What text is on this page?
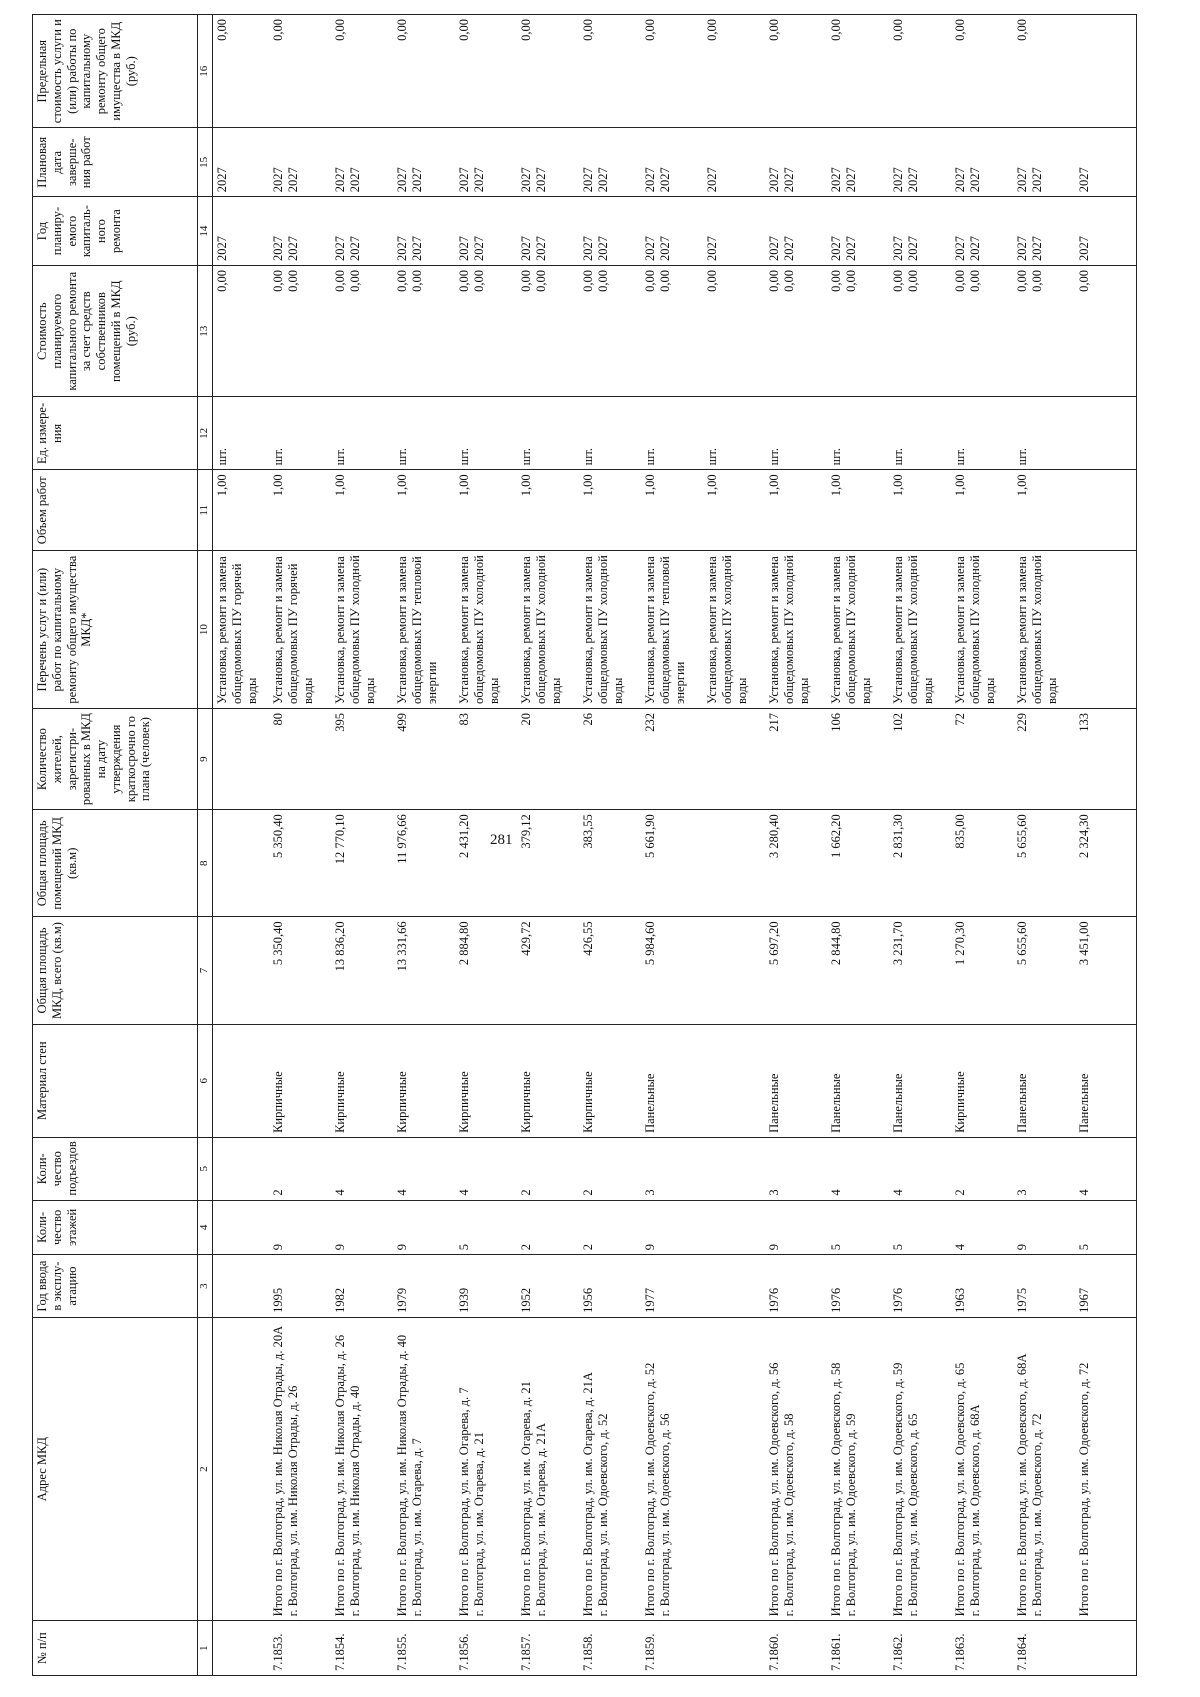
281
№ п/п	Адрес МКД	Год ввода в эксплу-атацию	Коли-чество этажей	Коли-чество подъездов	Материал стен	Общая площадь МКД, всего (кв.м)	Общая площадь помещений МКД (кв.м)	Количество жителей, зарегистри-рованных в МКД на дату утверждения краткосрочно го плана (человек)	Перечень услуг и (или) работ по капитальному ремонту общего имущества МКД*	Объем работ	Ед. измере-ния	Стоимость планируемого капитального ремонта за счет средств собственников помещений в МКД (руб.)	Год планиру-емого капиталь-ного ремонта	Плановая дата заверше-ния работ	Предельная стоимость услуги и (или) работы по капитальному ремонту общего имущества в МКД (руб.)
1	2	3	4	5	6	7	8	9	10	11	12	13	14	15	16

									Установка, ремонт и замена общедомовых ПУ горячей воды	1,00	шт.	0,00	2027	2027	0,00

7.1853.	Итого по г. Волгоград, ул. им. Николая Отрады, д. 20А г. Волгоград, ул. им. Николая Отрады, д. 26	1995	9	2	Кирпичные	5 350,40	5 350,40	80	Установка, ремонт и замена общедомовых ПУ горячей воды	1,00	шт.	0,00 0,00	2027 2027	2027 2027	0,00

7.1854.	Итого по г. Волгоград, ул. им. Николая Отрады, д. 26 г. Волгоград, ул. им. Николая Отрады, д. 40	1982	9	4	Кирпичные	13 836,20	12 770,10	395	Установка, ремонт и замена общедомовых ПУ холодной воды	1,00	шт.	0,00 0,00	2027 2027	2027 2027	0,00

7.1855.	Итого по г. Волгоград, ул. им. Николая Отрады, д. 40 г. Волгоград, ул. им. Огарева, д. 7	1979	9	4	Кирпичные	13 331,66	11 976,66	499	Установка, ремонт и замена общедомовых ПУ тепловой энергии	1,00	шт.	0,00 0,00	2027 2027	2027 2027	0,00

7.1856.	Итого по г. Волгоград, ул. им. Огарева, д. 7 г. Волгоград, ул. им. Огарева, д. 21	1939	5	4	Кирпичные	2 884,80	2 431,20	83	Установка, ремонт и замена общедомовых ПУ холодной воды	1,00	шт.	0,00 0,00	2027 2027	2027 2027	0,00

7.1857.	Итого по г. Волгоград, ул. им. Огарева, д. 21 г. Волгоград, ул. им. Огарева, д. 21А	1952	2	2	Кирпичные	429,72	379,12	20	Установка, ремонт и замена общедомовых ПУ холодной воды	1,00	шт.	0,00 0,00	2027 2027	2027 2027	0,00

7.1858.	Итого по г. Волгоград, ул. им. Огарева, д. 21А г. Волгоград, ул. им. Одоевского, д. 52	1956	2	2	Кирпичные	426,55	383,55	26	Установка, ремонт и замена общедомовых ПУ холодной воды	1,00	шт.	0,00 0,00	2027 2027	2027 2027	0,00

7.1859.	Итого по г. Волгоград, ул. им. Одоевского, д. 52 г. Волгоград, ул. им. Одоевского, д. 56	1977	9	3	Панельные	5 984,60	5 661,90	232	Установка, ремонт и замена общедомовых ПУ тепловой энергии	1,00	шт.	0,00 0,00	2027 2027	2027 2027	0,00

									Установка, ремонт и замена общедомовых ПУ холодной воды	1,00	шт.	0,00	2027	2027	0,00

7.1860.	Итого по г. Волгоград, ул. им. Одоевского, д. 56 г. Волгоград, ул. им. Одоевского, д. 58	1976	9	3	Панельные	5 697,20	3 280,40	217	Установка, ремонт и замена общедомовых ПУ холодной воды	1,00	шт.	0,00 0,00	2027 2027	2027 2027	0,00

7.1861.	Итого по г. Волгоград, ул. им. Одоевского, д. 58 г. Волгоград, ул. им. Одоевского, д. 59	1976	5	4	Панельные	2 844,80	1 662,20	106	Установка, ремонт и замена общедомовых ПУ холодной воды	1,00	шт.	0,00 0,00	2027 2027	2027 2027	0,00

7.1862.	Итого по г. Волгоград, ул. им. Одоевского, д. 59 г. Волгоград, ул. им. Одоевского, д. 65	1976	5	4	Панельные	3 231,70	2 831,30	102	Установка, ремонт и замена общедомовых ПУ холодной воды	1,00	шт.	0,00 0,00	2027 2027	2027 2027	0,00

7.1863.	Итого по г. Волгоград, ул. им. Одоевского, д. 65 г. Волгоград, ул. им. Одоевского, д. 68А	1963	4	2	Кирпичные	1 270,30	835,00	72	Установка, ремонт и замена общедомовых ПУ холодной воды	1,00	шт.	0,00 0,00	2027 2027	2027 2027	0,00

7.1864.	Итого по г. Волгоград, ул. им. Одоевского, д. 68А г. Волгоград, ул. им. Одоевского, д. 72	1975	9	3	Панельные	5 655,60	5 655,60	229	Установка, ремонт и замена общедомовых ПУ холодной воды	1,00	шт.	0,00 0,00	2027 2027	2027 2027	0,00

	Итого по г. Волгоград, ул. им. Одоевского, д. 72	1967	5	4	Панельные	3 451,00	2 324,30	133				0,00	2027	2027	
